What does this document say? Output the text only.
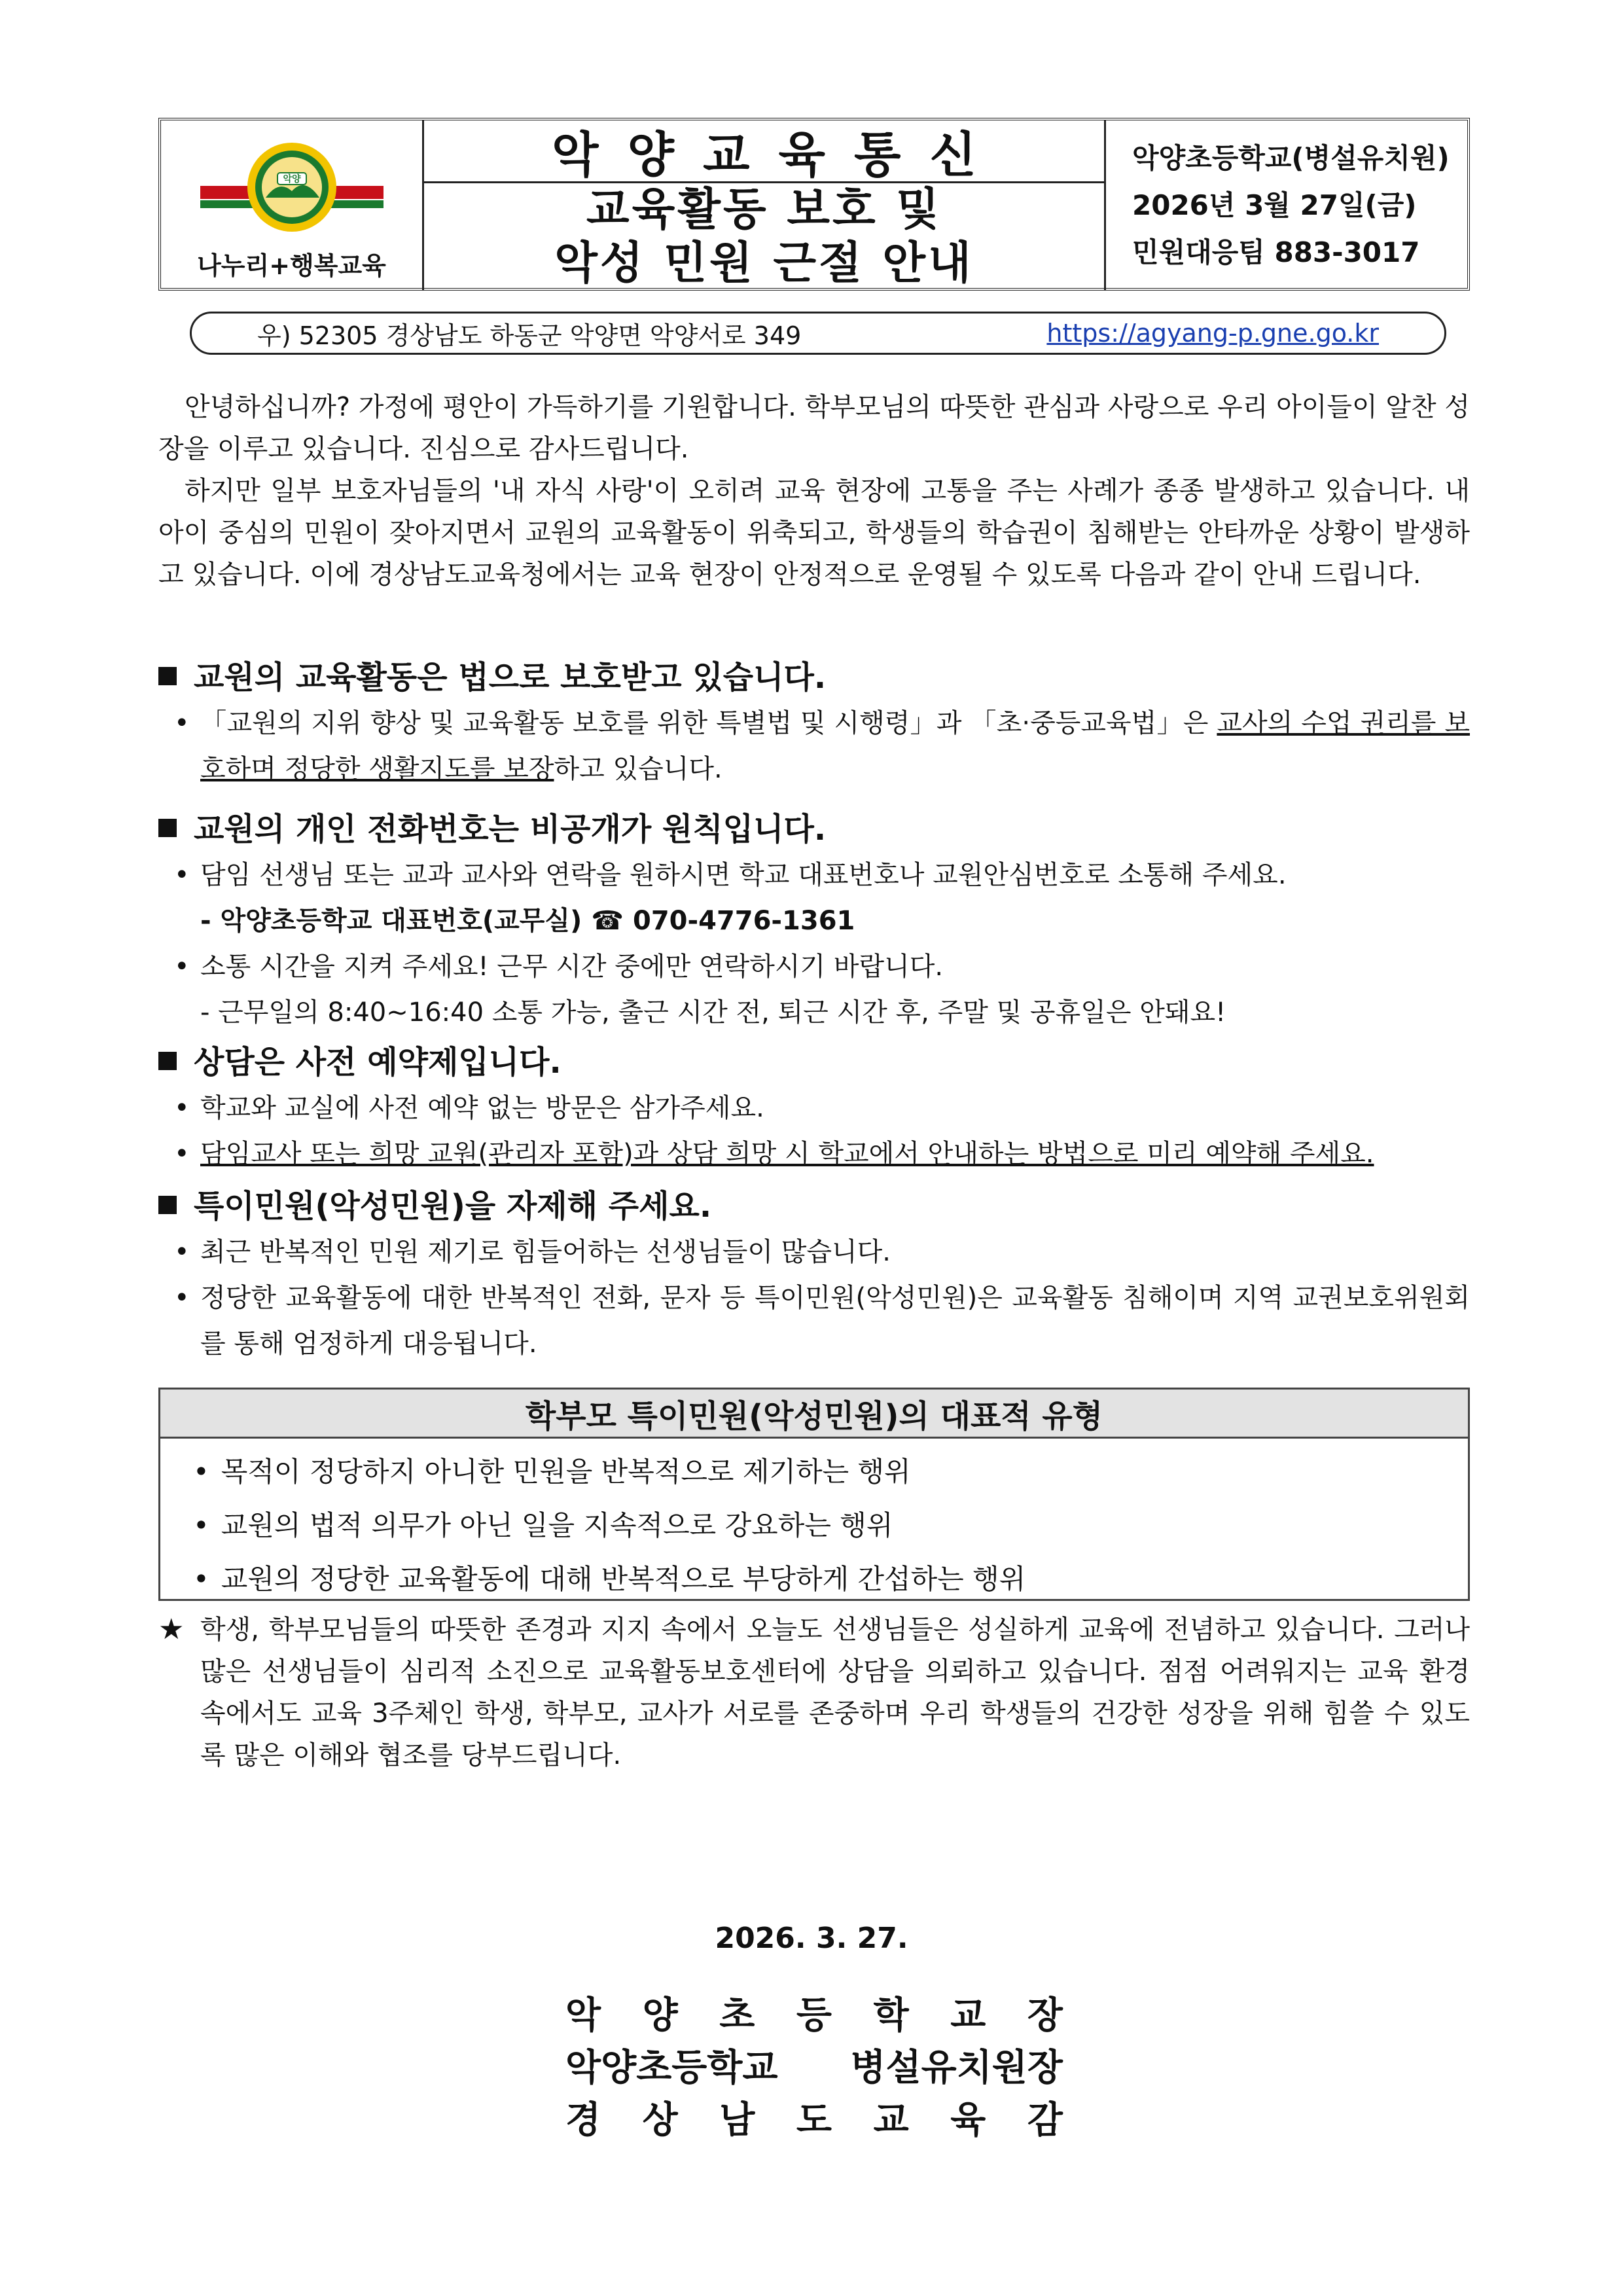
악양
나누리+행복교육
악양교육통신
교육활동 보호 및
악성 민원 근절 안내
악양초등학교(병설유치원)
2026년 3월 27일(금)
민원대응팀 883-3017
우) 52305 경상남도 하동군 악양면 악양서로 349	https://agyang-p.gne.go.kr

안녕하십니까? 가정에 평안이 가득하기를 기원합니다. 학부모님의 따뜻한 관심과 사랑으로 우리 아이들이 알찬 성장을 이루고 있습니다. 진심으로 감사드립니다.

하지만 일부 보호자님들의 '내 자식 사랑'이 오히려 교육 현장에 고통을 주는 사례가 종종 발생하고 있습니다. 내 아이 중심의 민원이 잦아지면서 교원의 교육활동이 위축되고, 학생들의 학습권이 침해받는 안타까운 상황이 발생하고 있습니다. 이에 경상남도교육청에서는 교육 현장이 안정적으로 운영될 수 있도록 다음과 같이 안내 드립니다.

교원의 교육활동은 법으로 보호받고 있습니다.
• 「교원의 지위 향상 및 교육활동 보호를 위한 특별법 및 시행령」과 「초·중등교육법」은 교사의 수업 권리를 보호하며 정당한 생활지도를 보장하고 있습니다.
교원의 개인 전화번호는 비공개가 원칙입니다.
• 담임 선생님 또는 교과 교사와 연락을 원하시면 학교 대표번호나 교원안심번호로 소통해 주세요.
- 악양초등학교 대표번호(교무실) ☎ 070-4776-1361
• 소통 시간을 지켜 주세요! 근무 시간 중에만 연락하시기 바랍니다.
- 근무일의 8:40~16:40 소통 가능, 출근 시간 전, 퇴근 시간 후, 주말 및 공휴일은 안돼요!
상담은 사전 예약제입니다.
• 학교와 교실에 사전 예약 없는 방문은 삼가주세요.
• 담임교사 또는 희망 교원(관리자 포함)과 상담 희망 시 학교에서 안내하는 방법으로 미리 예약해 주세요.
특이민원(악성민원)을 자제해 주세요.
• 최근 반복적인 민원 제기로 힘들어하는 선생님들이 많습니다.
• 정당한 교육활동에 대한 반복적인 전화, 문자 등 특이민원(악성민원)은 교육활동 침해이며 지역 교권보호위원회를 통해 엄정하게 대응됩니다.
학부모 특이민원(악성민원)의 대표적 유형
• 목적이 정당하지 아니한 민원을 반복적으로 제기하는 행위
• 교원의 법적 의무가 아닌 일을 지속적으로 강요하는 행위
• 교원의 정당한 교육활동에 대해 반복적으로 부당하게 간섭하는 행위
★ 학생, 학부모님들의 따뜻한 존경과 지지 속에서 오늘도 선생님들은 성실하게 교육에 전념하고 있습니다. 그러나 많은 선생님들이 심리적 소진으로 교육활동보호센터에 상담을 의뢰하고 있습니다. 점점 어려워지는 교육 환경 속에서도 교육 3주체인 학생, 학부모, 교사가 서로를 존중하며 우리 학생들의 건강한 성장을 위해 힘쓸 수 있도록 많은 이해와 협조를 당부드립니다.
2026. 3. 27.
악 양 초 등 학 교 장
악양초등학교 병설유치원장
경 상 남 도 교 육 감
